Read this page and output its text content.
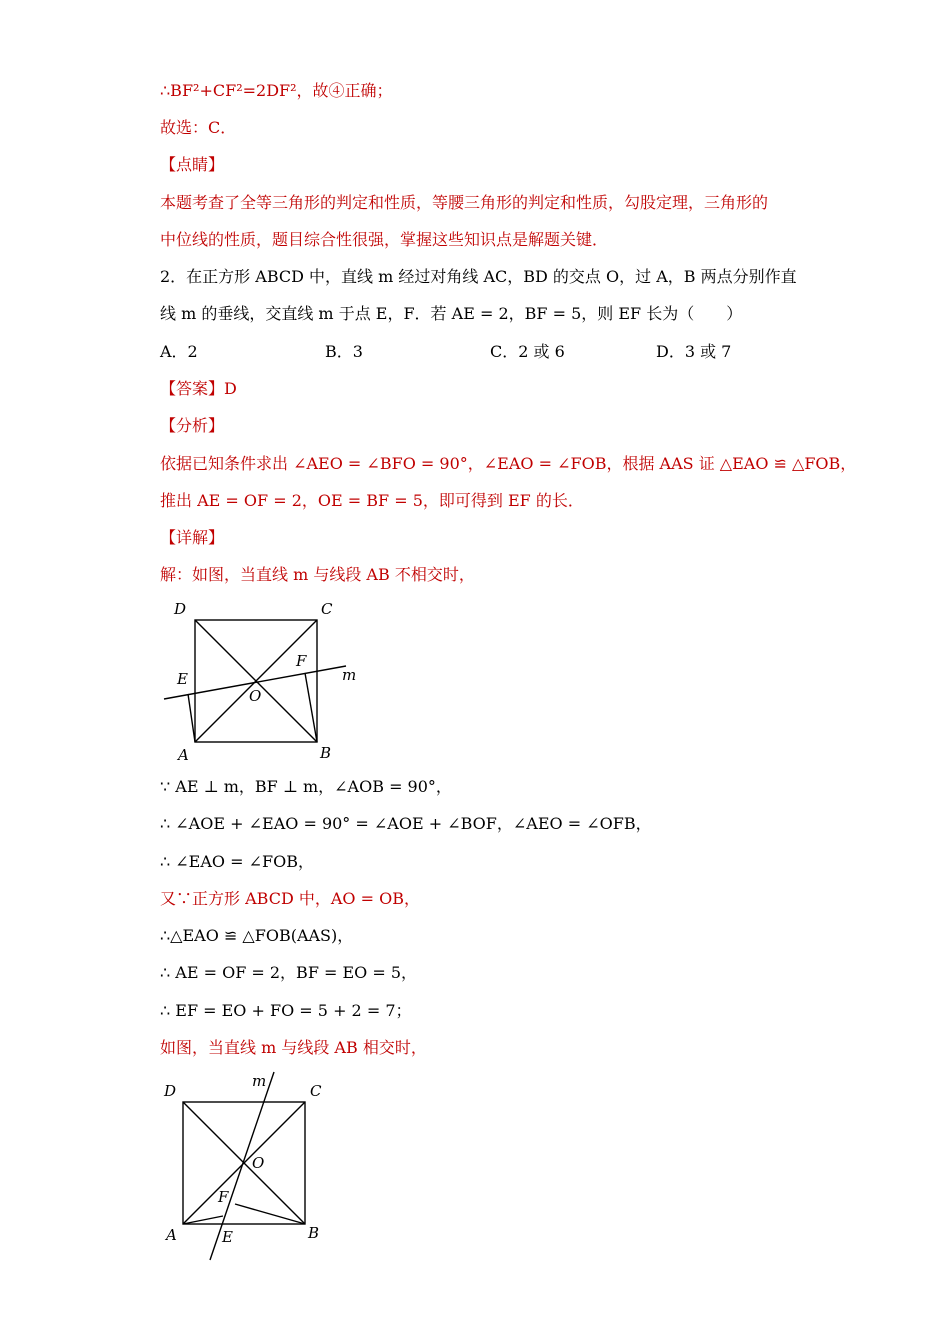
∴BF²+CF²=2DF²，故④正确；
故选：C．
【点睛】
本题考查了全等三角形的判定和性质，等腰三角形的判定和性质，勾股定理，三角形的
中位线的性质，题目综合性很强，掌握这些知识点是解题关键．
2．在正方形 ABCD 中，直线 m 经过对角线 AC，BD 的交点 O，过 A，B 两点分别作直
线 m 的垂线，交直线 m 于点 E，F．若 AE = 2，BF = 5，则 EF 长为（　　）
A．2	B．3	C．2 或 6	D．3 或 7
【答案】D
【分析】
依据已知条件求出 ∠AEO = ∠BFO = 90°，∠EAO = ∠FOB，根据 AAS 证 △EAO ≌ △FOB，
推出 AE = OF = 2，OE = BF = 5，即可得到 EF 的长．
【详解】
解：如图，当直线 m 与线段 AB 不相交时，
D	C
E
F
O
m
A	B
∵ AE ⊥ m，BF ⊥ m，∠AOB = 90°，
∴ ∠AOE + ∠EAO = 90° = ∠AOE + ∠BOF，∠AEO = ∠OFB，
∴ ∠EAO = ∠FOB，
又∵正方形 ABCD 中，AO = OB，
∴△EAO ≌ △FOB(AAS)，
∴ AE = OF = 2，BF = EO = 5，
∴ EF = EO + FO = 5 + 2 = 7；
如图，当直线 m 与线段 AB 相交时，
D	C
m
O
F
A	E	B
